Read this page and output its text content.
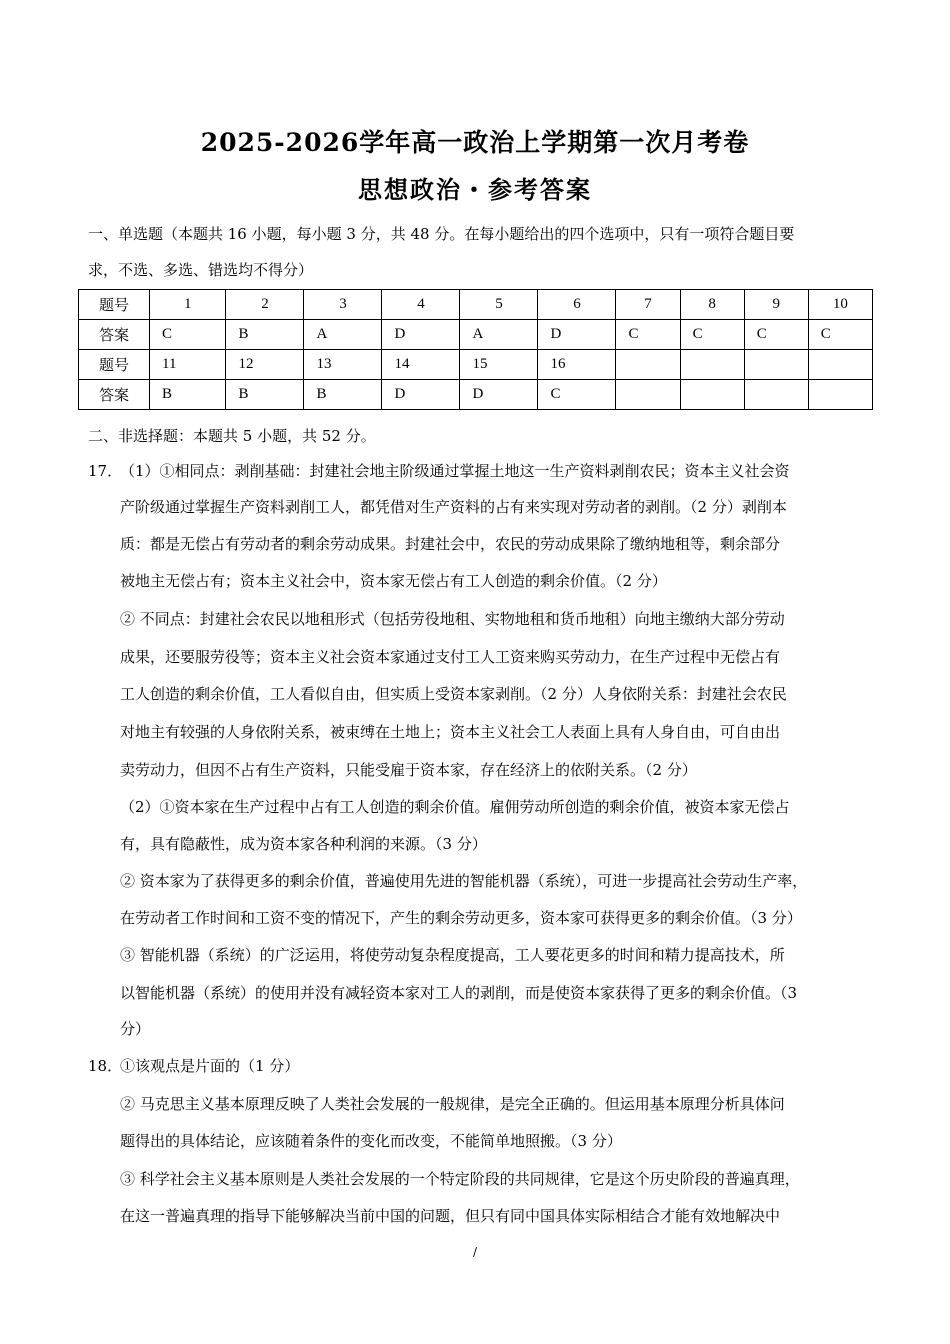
2025-2026学年高一政治上学期第一次月考卷
思想政治・参考答案
一、单选题（本题共 16 小题，每小题 3 分，共 48 分。在每小题给出的四个选项中，只有一项符合题目要
求，不选、多选、错选均不得分）
题号	1	2	3	4	5	6	7	8	9	10
答案	C	B	A	D	A	D	C	C	C	C
题号	11	12	13	14	15	16				
答案	B	B	B	D	D	C				
二、非选择题：本题共 5 小题，共 52 分。
17．
（1）①相同点：剥削基础：封建社会地主阶级通过掌握土地这一生产资料剥削农民；资本主义社会资
产阶级通过掌握生产资料剥削工人，都凭借对生产资料的占有来实现对劳动者的剥削。（2 分）剥削本
质：都是无偿占有劳动者的剩余劳动成果。封建社会中，农民的劳动成果除了缴纳地租等，剩余部分
被地主无偿占有；资本主义社会中，资本家无偿占有工人创造的剩余价值。（2 分）
② 不同点：封建社会农民以地租形式（包括劳役地租、实物地租和货币地租）向地主缴纳大部分劳动
成果，还要服劳役等；资本主义社会资本家通过支付工人工资来购买劳动力，在生产过程中无偿占有
工人创造的剩余价值，工人看似自由，但实质上受资本家剥削。（2 分）人身依附关系：封建社会农民
对地主有较强的人身依附关系，被束缚在土地上；资本主义社会工人表面上具有人身自由，可自由出
卖劳动力，但因不占有生产资料，只能受雇于资本家，存在经济上的依附关系。（2 分）
（2）①资本家在生产过程中占有工人创造的剩余价值。雇佣劳动所创造的剩余价值，被资本家无偿占
有，具有隐蔽性，成为资本家各种利润的来源。（3 分）
② 资本家为了获得更多的剩余价值，普遍使用先进的智能机器（系统），可进一步提高社会劳动生产率，
在劳动者工作时间和工资不变的情况下，产生的剩余劳动更多，资本家可获得更多的剩余价值。（3 分）
③ 智能机器（系统）的广泛运用，将使劳动复杂程度提高，工人要花更多的时间和精力提高技术，所
以智能机器（系统）的使用并没有减轻资本家对工人的剥削，而是使资本家获得了更多的剩余价值。（3
分）
18．
①该观点是片面的（1 分）
② 马克思主义基本原理反映了人类社会发展的一般规律，是完全正确的。但运用基本原理分析具体问
题得出的具体结论，应该随着条件的变化而改变，不能简单地照搬。（3 分）
③ 科学社会主义基本原则是人类社会发展的一个特定阶段的共同规律，它是这个历史阶段的普遍真理，
在这一普遍真理的指导下能够解决当前中国的问题，但只有同中国具体实际相结合才能有效地解决中
/
